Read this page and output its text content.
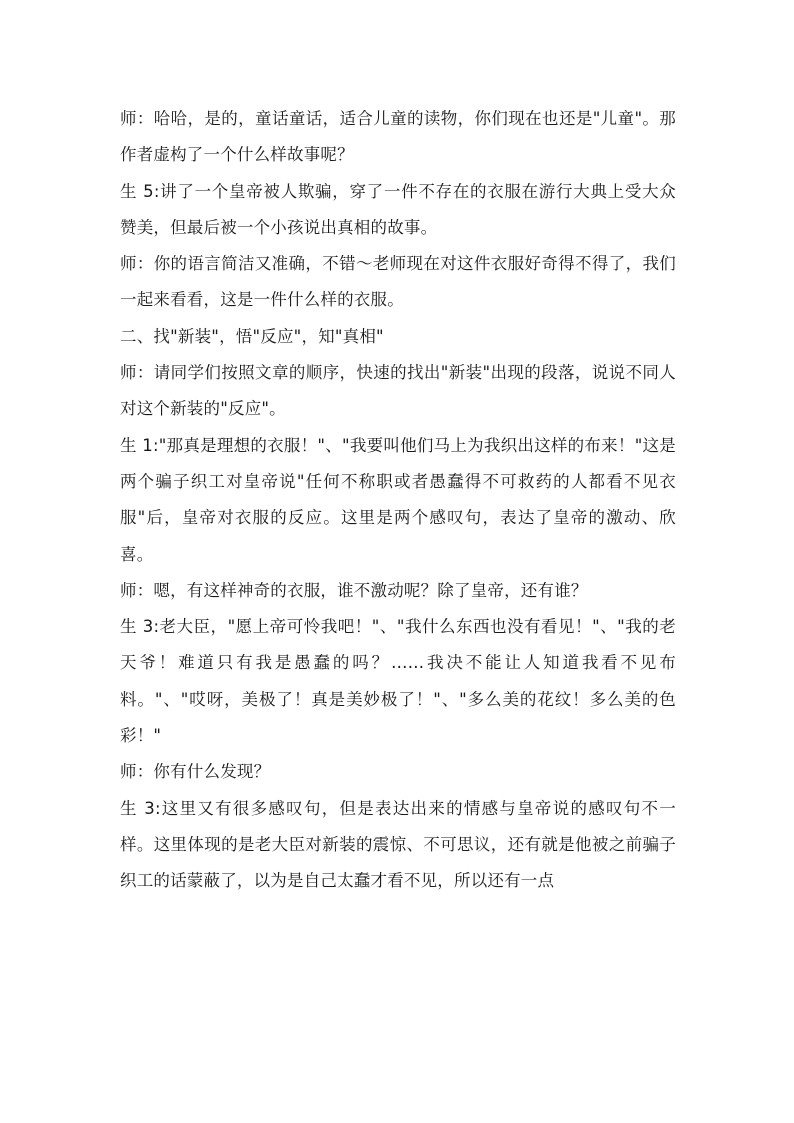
师：哈哈，是的，童话童话，适合儿童的读物，你们现在也还是"儿童"。那作者虚构了一个什么样故事呢？

生 5:讲了一个皇帝被人欺骗，穿了一件不存在的衣服在游行大典上受大众赞美，但最后被一个小孩说出真相的故事。

师：你的语言简洁又准确，不错～老师现在对这件衣服好奇得不得了，我们一起来看看，这是一件什么样的衣服。

二、找"新装"，悟"反应"，知"真相"

师：请同学们按照文章的顺序，快速的找出"新装"出现的段落，说说不同人对这个新装的"反应"。

生 1:"那真是理想的衣服！"、"我要叫他们马上为我织出这样的布来！"这是两个骗子织工对皇帝说"任何不称职或者愚蠢得不可救药的人都看不见衣服"后，皇帝对衣服的反应。这里是两个感叹句，表达了皇帝的激动、欣喜。

师：嗯，有这样神奇的衣服，谁不激动呢？除了皇帝，还有谁？

生 3:老大臣，"愿上帝可怜我吧！"、"我什么东西也没有看见！"、"我的老天爷！难道只有我是愚蠢的吗？……我决不能让人知道我看不见布料。"、"哎呀，美极了！真是美妙极了！"、"多么美的花纹！多么美的色彩！"

师：你有什么发现？

生 3:这里又有很多感叹句，但是表达出来的情感与皇帝说的感叹句不一样。这里体现的是老大臣对新装的震惊、不可思议，还有就是他被之前骗子织工的话蒙蔽了，以为是自己太蠢才看不见，所以还有一点
